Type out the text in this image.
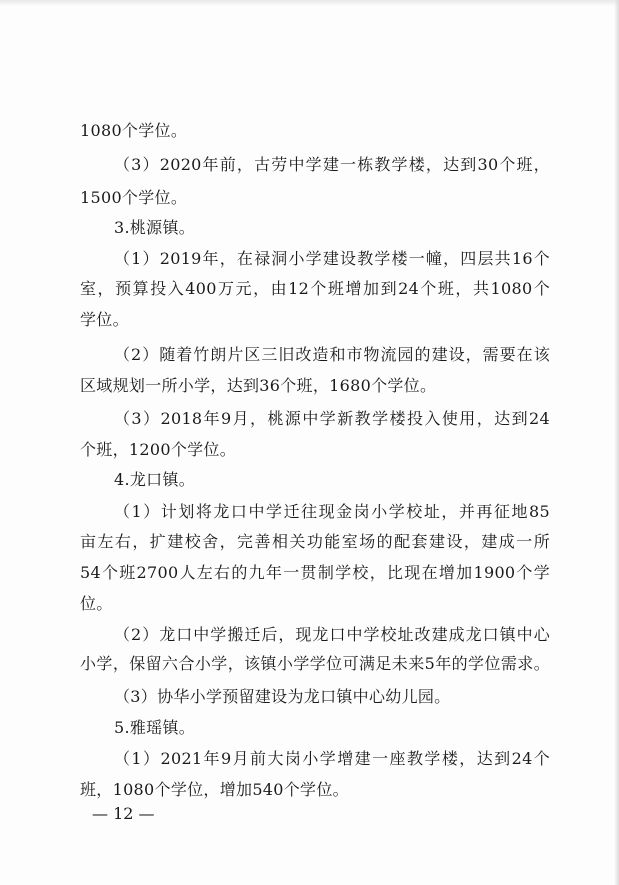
1080个学位。
（3）2020年前，古劳中学建一栋教学楼，达到30个班，
1500个学位。
3.桃源镇。
（1）2019年，在禄洞小学建设教学楼一幢，四层共16个
室，预算投入400万元，由12个班增加到24个班，共1080个
学位。
（2）随着竹朗片区三旧改造和市物流园的建设，需要在该
区域规划一所小学，达到36个班，1680个学位。
（3）2018年9月，桃源中学新教学楼投入使用，达到24
个班，1200个学位。
4.龙口镇。
（1）计划将龙口中学迁往现金岗小学校址，并再征地85
亩左右，扩建校舍，完善相关功能室场的配套建设，建成一所
54个班2700人左右的九年一贯制学校，比现在增加1900个学
位。
（2）龙口中学搬迁后，现龙口中学校址改建成龙口镇中心
小学，保留六合小学，该镇小学学位可满足未来5年的学位需求。
（3）协华小学预留建设为龙口镇中心幼儿园。
5.雅瑶镇。
（1）2021年9月前大岗小学增建一座教学楼，达到24个
班，1080个学位，增加540个学位。
— 12 —
